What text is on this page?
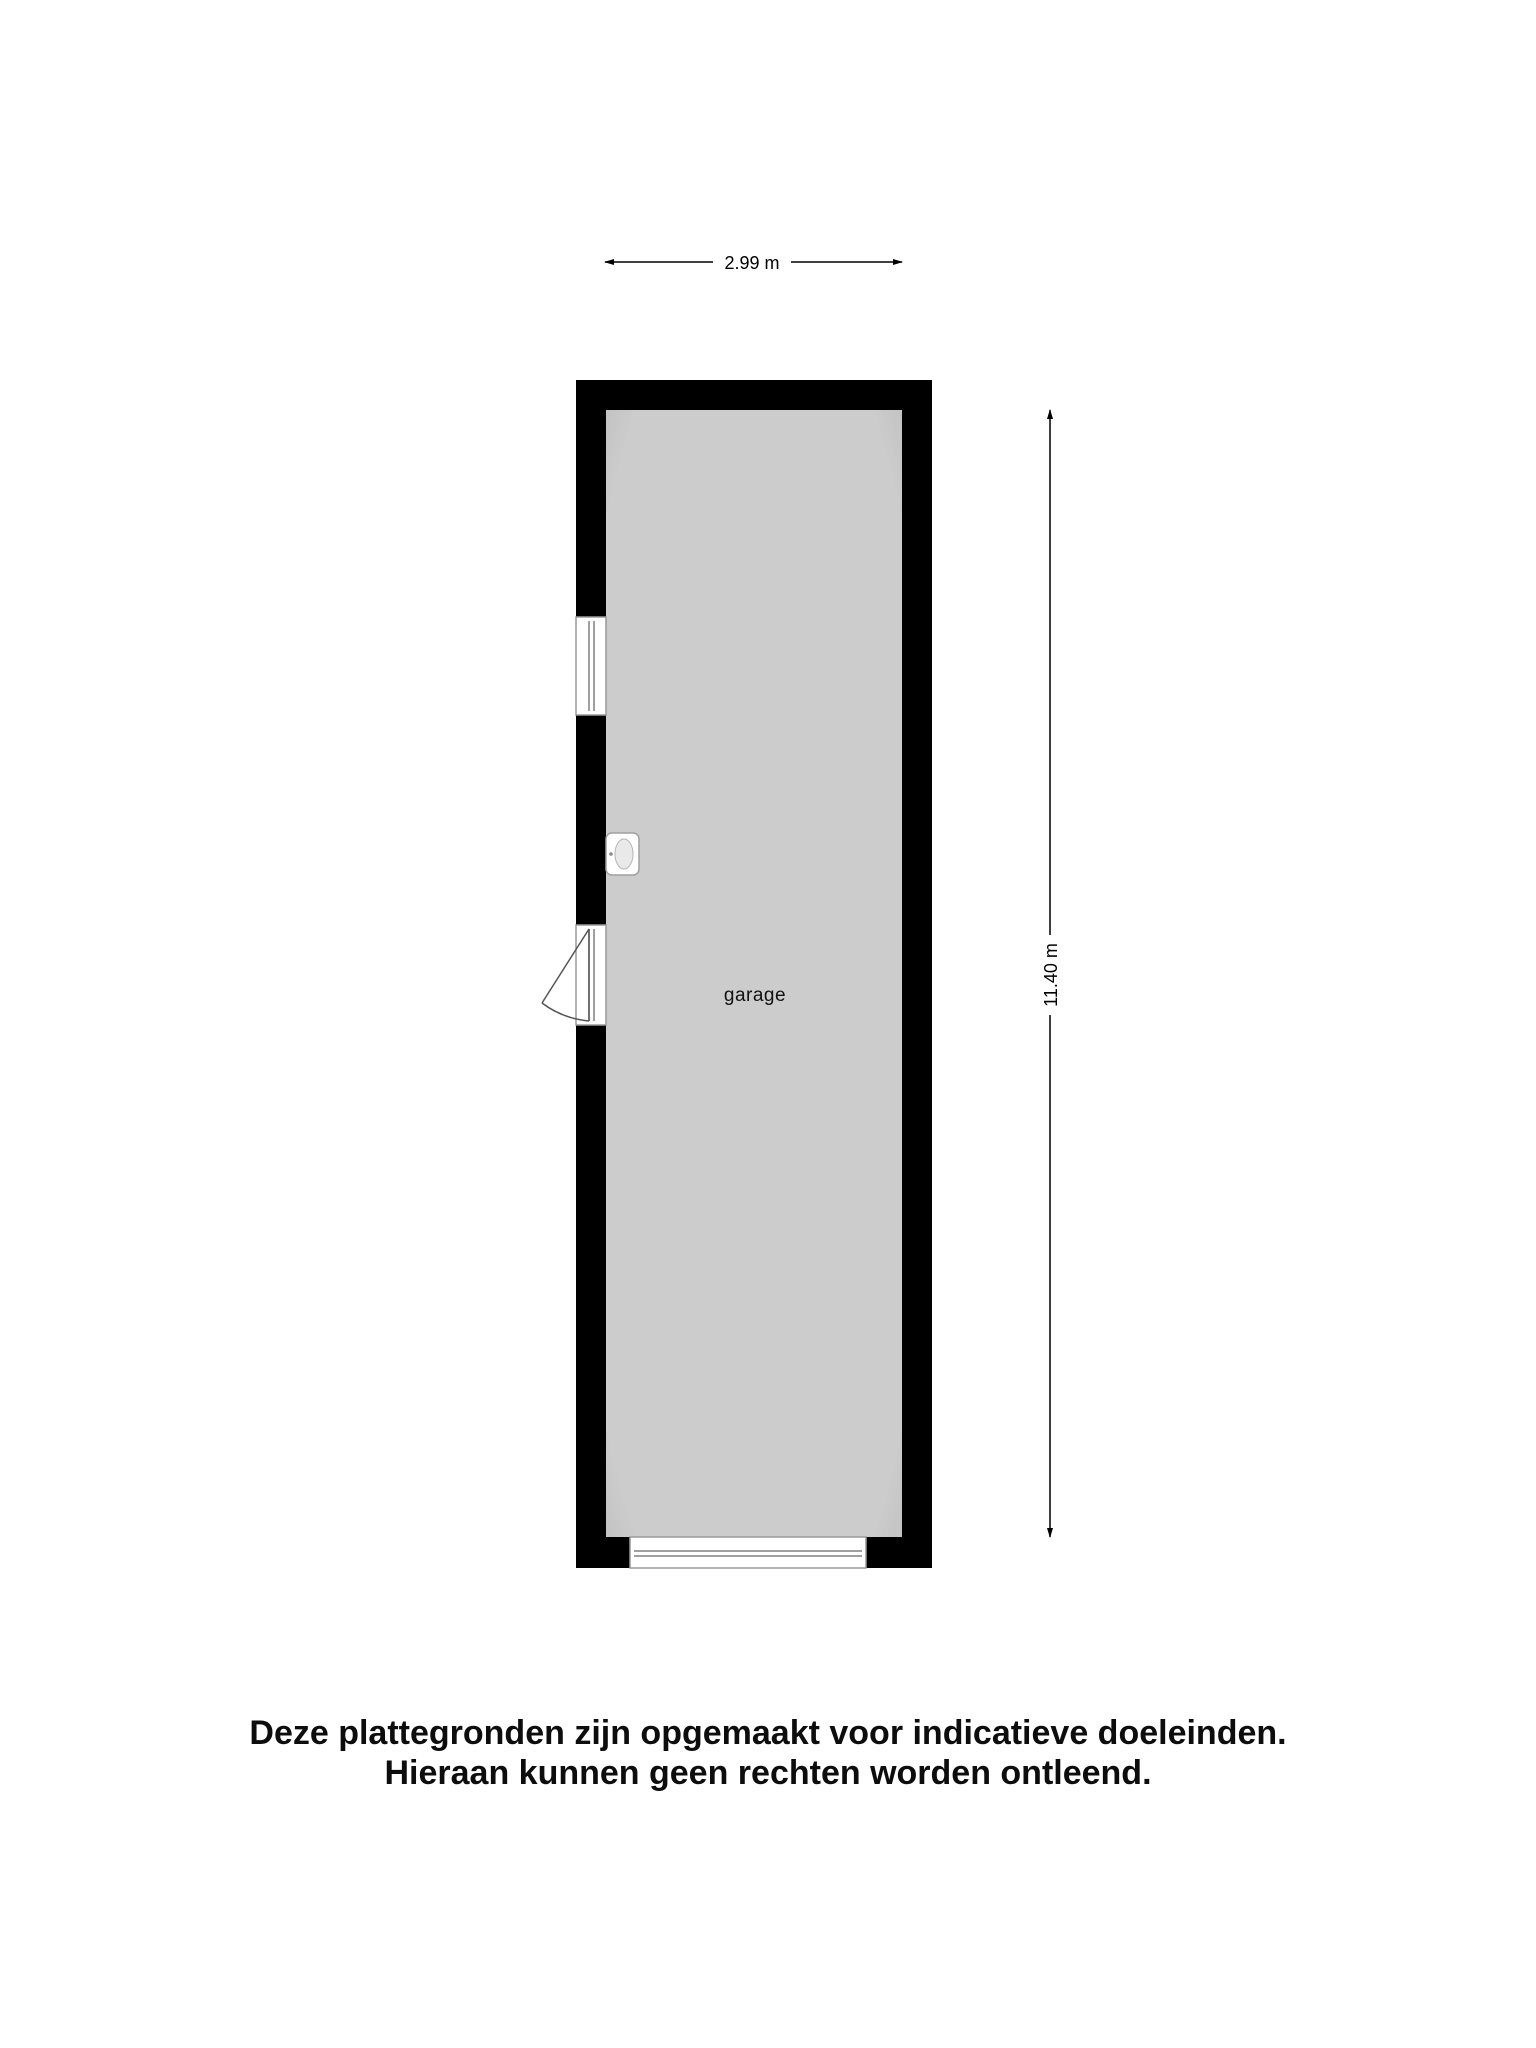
2.99 m
11.40 m
garage
Deze plattegronden zijn opgemaakt voor indicatieve doeleinden.
Hieraan kunnen geen rechten worden ontleend.
